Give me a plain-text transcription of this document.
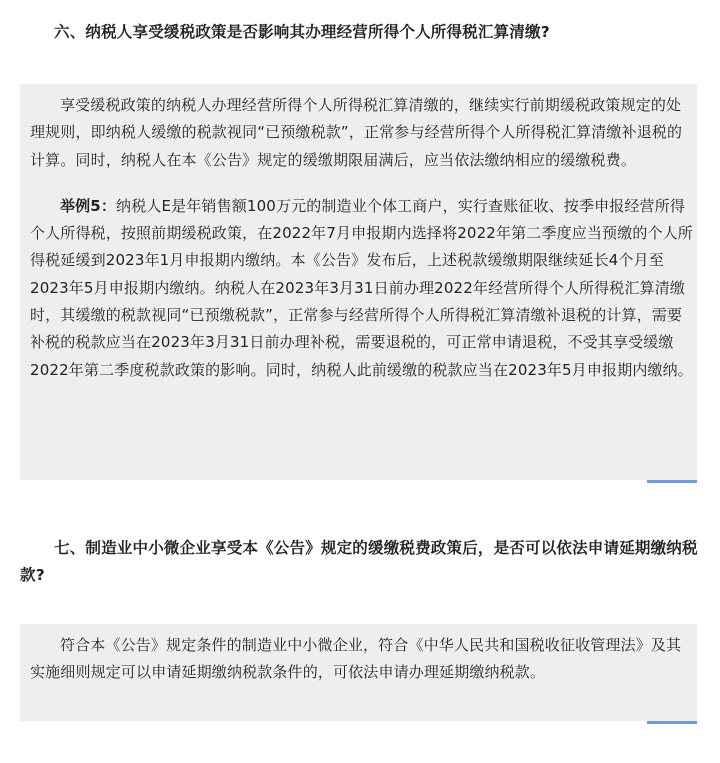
六、纳税人享受缓税政策是否影响其办理经营所得个人所得税汇算清缴?

享受缓税政策的纳税人办理经营所得个人所得税汇算清缴的，继续实行前期缓税政策规定的处理规则，即纳税人缓缴的税款视同“已预缴税款”，正常参与经营所得个人所得税汇算清缴补退税的计算。同时，纳税人在本《公告》规定的缓缴期限届满后，应当依法缴纳相应的缓缴税费。

举例5：纳税人E是年销售额100万元的制造业个体工商户，实行查账征收、按季申报经营所得个人所得税，按照前期缓税政策，在2022年7月申报期内选择将2022年第二季度应当预缴的个人所得税延缓到2023年1月申报期内缴纳。本《公告》发布后，上述税款缓缴期限继续延长4个月至2023年5月申报期内缴纳。纳税人在2023年3月31日前办理2022年经营所得个人所得税汇算清缴时，其缓缴的税款视同“已预缴税款”，正常参与经营所得个人所得税汇算清缴补退税的计算，需要补税的税款应当在2023年3月31日前办理补税，需要退税的，可正常申请退税，不受其享受缓缴2022年第二季度税款政策的影响。同时，纳税人此前缓缴的税款应当在2023年5月申报期内缴纳。

七、制造业中小微企业享受本《公告》规定的缓缴税费政策后，是否可以依法申请延期缴纳税款?

符合本《公告》规定条件的制造业中小微企业，符合《中华人民共和国税收征收管理法》及其实施细则规定可以申请延期缴纳税款条件的，可依法申请办理延期缴纳税款。
